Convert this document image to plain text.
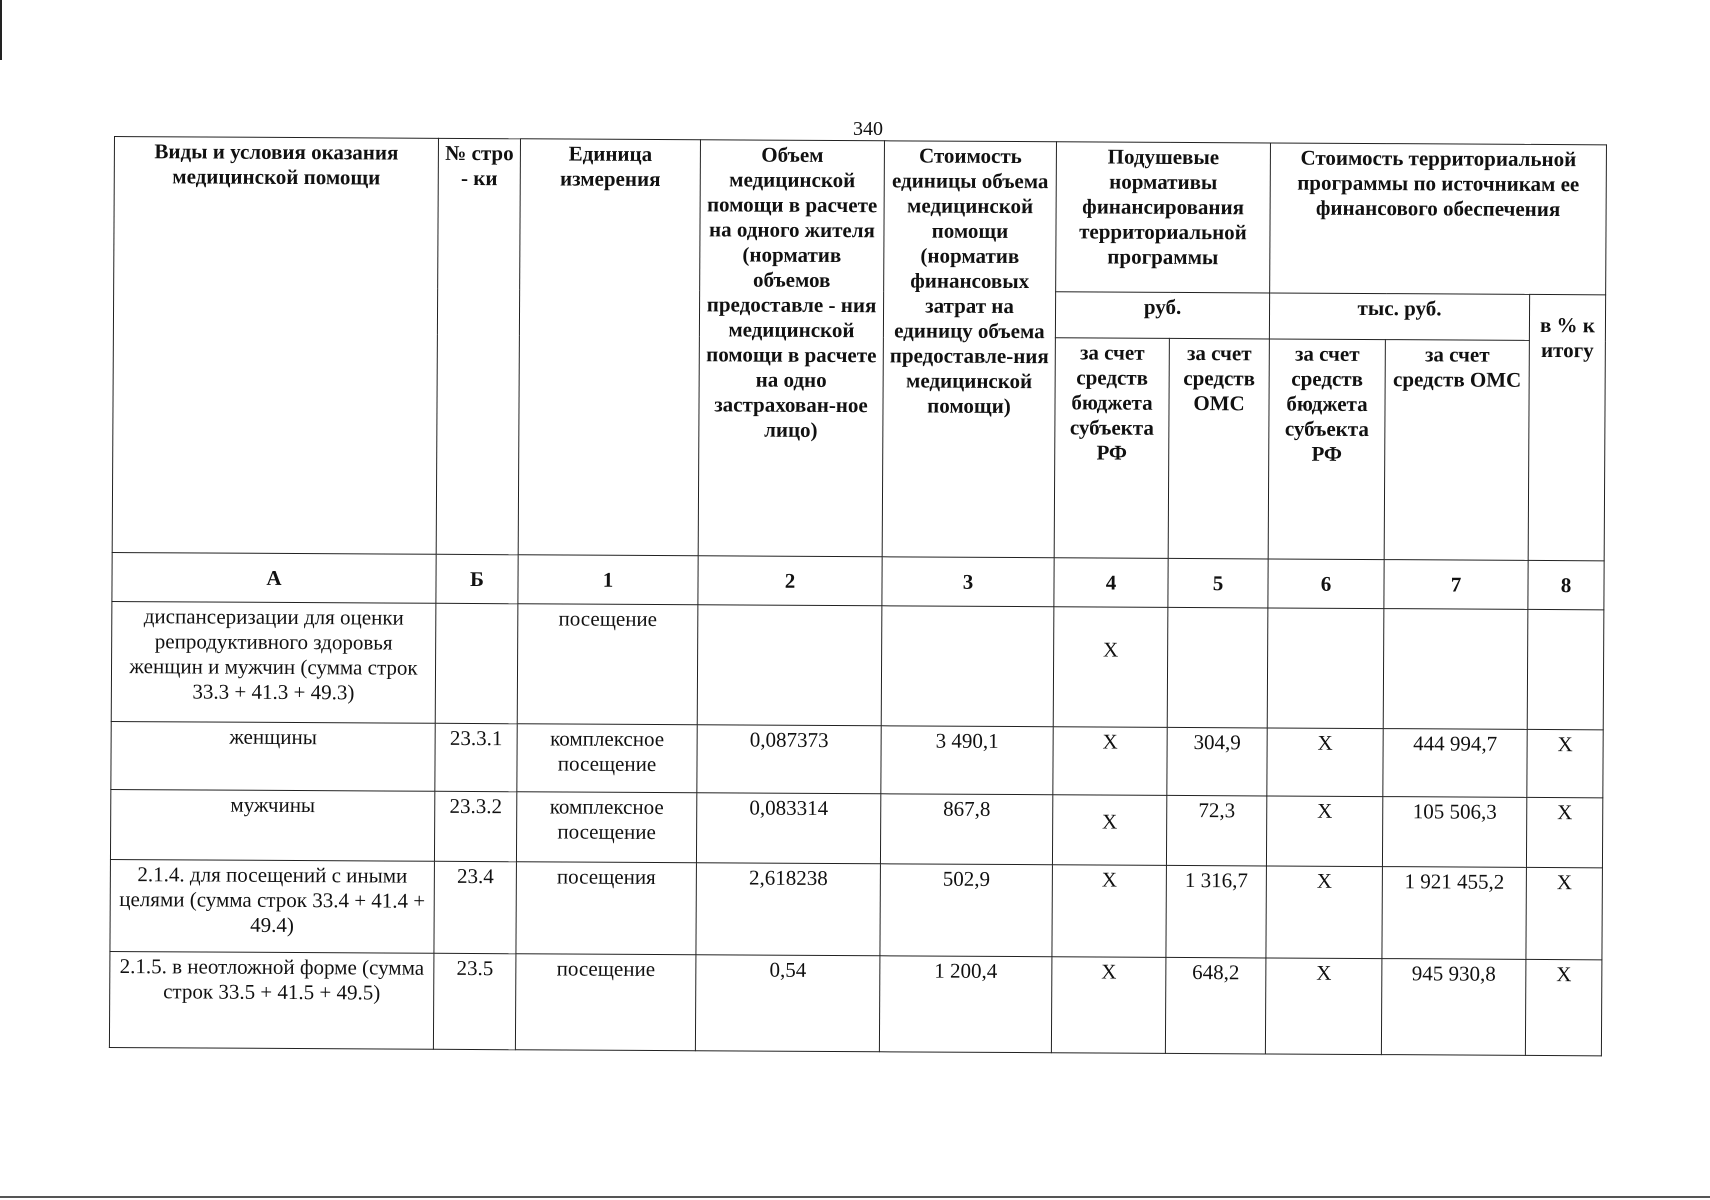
340
Виды и условия оказания медицинской помощи	№ стро - ки	Единица измерения	Объем медицинской помощи в расчете на одного жителя (норматив объемов предоставле - ния медицинской помощи в расчете на одно застрахован-ное лицо)	Стоимость единицы объема медицинской помощи (норматив финансовых затрат на единицу объема предоставле-ния медицинской помощи)	Подушевые нормативы финансирования территориальной программы		Стоимость территориальной программы по источникам ее финансового обеспечения		
					руб.		тыс. руб.		в % к итогу
					за счет средств бюджета субъекта РФ	за счет средств ОМС	за счет средств бюджета субъекта РФ	за счет средств ОМС	
А	Б	1	2	3	4	5	6	7	8
диспансеризации для оценки репродуктивного здоровья женщин и мужчин (сумма строк 33.3 + 41.3 + 49.3)		посещение			Х				
женщины	23.3.1	комплексное посещение	0,087373	3 490,1	Х	304,9	Х	444 994,7	Х
мужчины	23.3.2	комплексное посещение	0,083314	867,8	Х	72,3	Х	105 506,3	Х
2.1.4. для посещений с иными целями (сумма строк 33.4 + 41.4 + 49.4)	23.4	посещения	2,618238	502,9	Х	1 316,7	Х	1 921 455,2	Х
2.1.5. в неотложной форме (сумма строк 33.5 + 41.5 + 49.5)	23.5	посещение	0,54	1 200,4	Х	648,2	Х	945 930,8	Х
